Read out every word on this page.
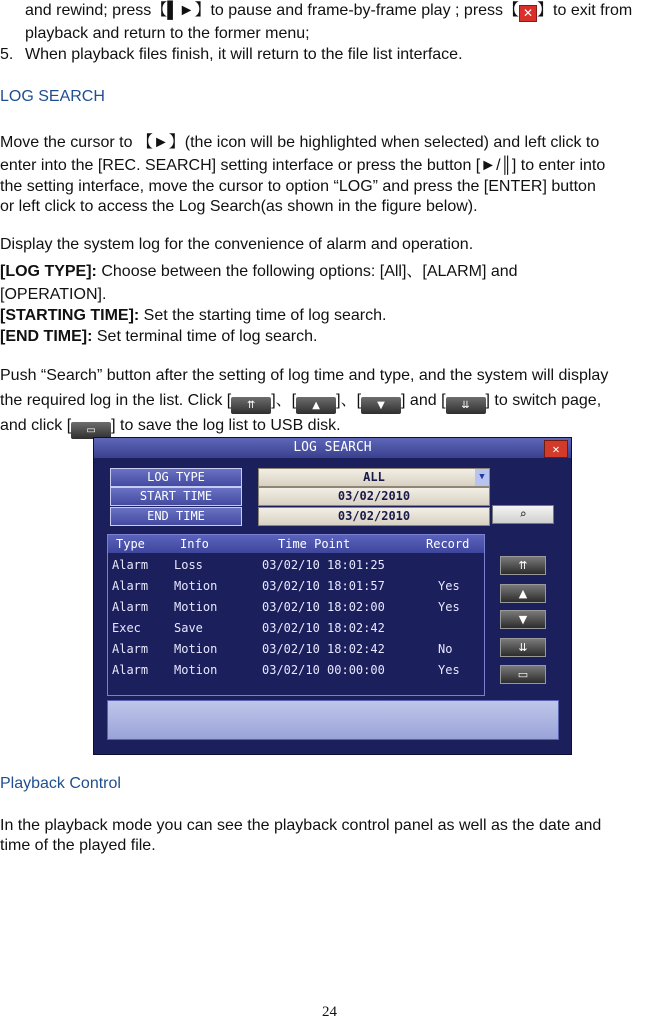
and rewind; press【▌►】to pause and frame-by-frame play ; press【 ✕ 】to exit from
playback and return to the former menu;
5. When playback files finish, it will return to the file list interface.
LOG SEARCH
Move the cursor to 【►】(the icon will be highlighted when selected) and left click to
enter into the [REC. SEARCH] setting interface or press the button [►/║] to enter into
the setting interface, move the cursor to option “LOG” and press the [ENTER] button
or left click to access the Log Search(as shown in the figure below).
Display the system log for the convenience of alarm and operation.
[LOG TYPE]: Choose between the following options: [All]、[ALARM] and
[OPERATION].
[STARTING TIME]: Set the starting time of log search.
[END TIME]: Set terminal time of log search.
Push “Search” button after the setting of log time and type, and the system will display
the required log in the list. Click [ ⇈ ]、[ ▲ ]、[ ▼ ] and [ ⇊ ] to switch page,
and click [ ▭ ] to save the log list to USB disk.
LOG SEARCH	✕
LOG TYPE	ALL	▼
START TIME	03/02/2010
END TIME	03/02/2010	⌕
Type	Info	Time Point	Record
Alarm Loss	03/02/10 18:01:25
Alarm Motion	03/02/10 18:01:57	Yes
Alarm Motion	03/02/10 18:02:00	Yes
Exec	Save	03/02/10 18:02:42
Alarm Motion	03/02/10 18:02:42	No
Alarm Motion	03/02/10 00:00:00	Yes
⇈
▲
▼
⇊
▭
Playback Control
In the playback mode you can see the playback control panel as well as the date and
time of the played file.
24
